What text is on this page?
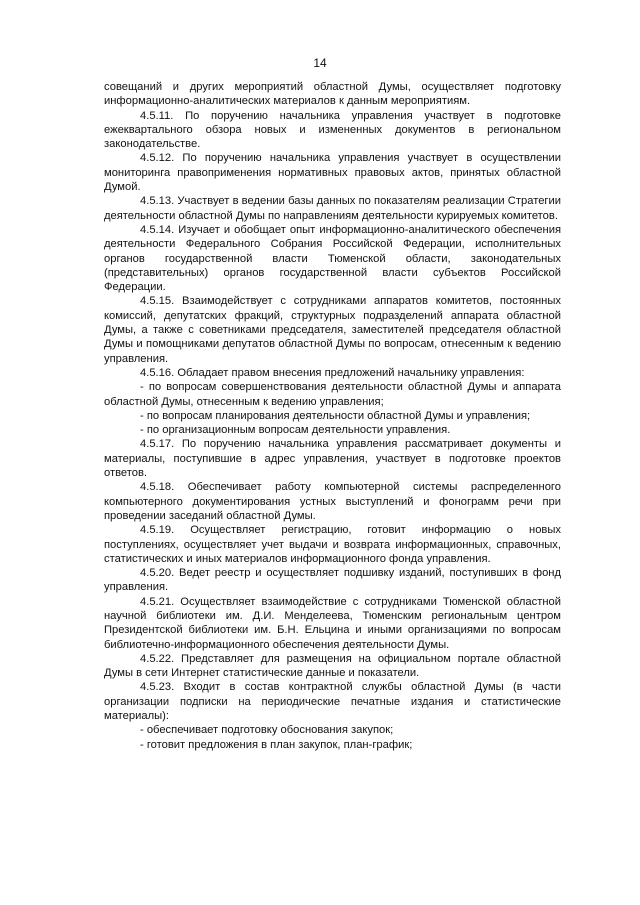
14

совещаний и других мероприятий областной Думы, осуществляет подготовку информационно-аналитических материалов к данным мероприятиям.

4.5.11. По поручению начальника управления участвует в подготовке ежеквартального обзора новых и измененных документов в региональном законодательстве.

4.5.12. По поручению начальника управления участвует в осуществлении мониторинга правоприменения нормативных правовых актов, принятых областной Думой.

4.5.13. Участвует в ведении базы данных по показателям реализации Стратегии деятельности областной Думы по направлениям деятельности курируемых комитетов.

4.5.14. Изучает и обобщает опыт информационно-аналитического обеспечения деятельности Федерального Собрания Российской Федерации, исполнительных органов государственной власти Тюменской области, законодательных (представительных) органов государственной власти субъектов Российской Федерации.

4.5.15. Взаимодействует с сотрудниками аппаратов комитетов, постоянных комиссий, депутатских фракций, структурных подразделений аппарата областной Думы, а также с советниками председателя, заместителей председателя областной Думы и помощниками депутатов областной Думы по вопросам, отнесенным к ведению управления.

4.5.16. Обладает правом внесения предложений начальнику управления:

- по вопросам совершенствования деятельности областной Думы и аппарата областной Думы, отнесенным к ведению управления;

- по вопросам планирования деятельности областной Думы и управления;

- по организационным вопросам деятельности управления.

4.5.17. По поручению начальника управления рассматривает документы и материалы, поступившие в адрес управления, участвует в подготовке проектов ответов.

4.5.18. Обеспечивает работу компьютерной системы распределенного компьютерного документирования устных выступлений и фонограмм речи при проведении заседаний областной Думы.

4.5.19. Осуществляет регистрацию, готовит информацию о новых поступлениях, осуществляет учет выдачи и возврата информационных, справочных, статистических и иных материалов информационного фонда управления.

4.5.20. Ведет реестр и осуществляет подшивку изданий, поступивших в фонд управления.

4.5.21. Осуществляет взаимодействие с сотрудниками Тюменской областной научной библиотеки им. Д.И. Менделеева, Тюменским региональным центром Президентской библиотеки им. Б.Н. Ельцина и иными организациями по вопросам библиотечно-информационного обеспечения деятельности Думы.

4.5.22. Представляет для размещения на официальном портале областной Думы в сети Интернет статистические данные и показатели.

4.5.23. Входит в состав контрактной службы областной Думы (в части организации подписки на периодические печатные издания и статистические материалы):

- обеспечивает подготовку обоснования закупок;

- готовит предложения в план закупок, план-график;
